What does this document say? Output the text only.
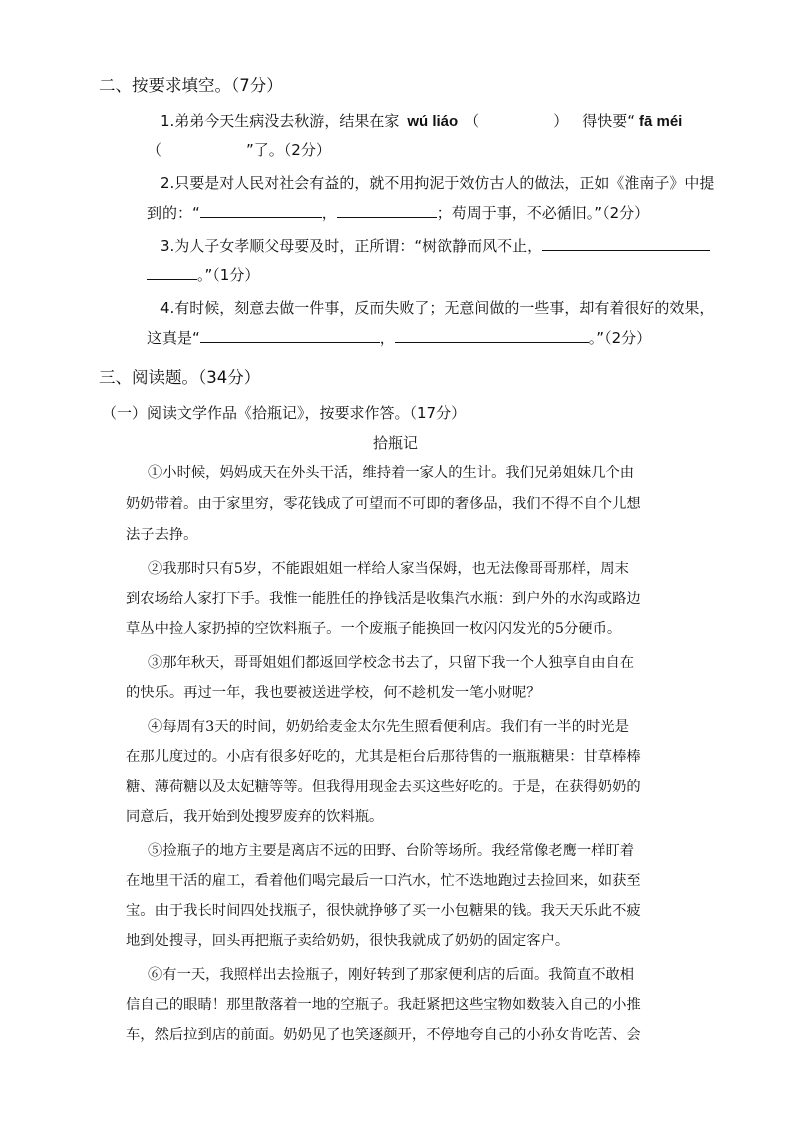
二、按要求填空。（7分）
1.弟弟今天生病没去秋游，结果在家 wú liáo （	） 得快要“ fā méi
（	”了。（2分）
2.只要是对人民对社会有益的，就不用拘泥于效仿古人的做法，正如《淮南子》中提
到的：“	，	；苟周于事，不必循旧。”（2分）
3.为人子女孝顺父母要及时，正所谓：“树欲静而风不止，
。”（1分）
4.有时候，刻意去做一件事，反而失败了；无意间做的一些事，却有着很好的效果，
这真是“	，	。”（2分）
三、阅读题。（34分）
（一）阅读文学作品《拾瓶记》，按要求作答。（17分）
拾瓶记
①小时候，妈妈成天在外头干活，维持着一家人的生计。我们兄弟姐妹几个由
奶奶带着。由于家里穷，零花钱成了可望而不可即的奢侈品，我们不得不自个儿想
法子去挣。
②我那时只有5岁，不能跟姐姐一样给人家当保姆，也无法像哥哥那样，周末
到农场给人家打下手。我惟一能胜任的挣钱活是收集汽水瓶：到户外的水沟或路边
草丛中捡人家扔掉的空饮料瓶子。一个废瓶子能换回一枚闪闪发光的5分硬币。
③那年秋天，哥哥姐姐们都返回学校念书去了，只留下我一个人独享自由自在
的快乐。再过一年，我也要被送进学校，何不趁机发一笔小财呢？
④每周有3天的时间，奶奶给麦金太尔先生照看便利店。我们有一半的时光是
在那儿度过的。小店有很多好吃的，尤其是柜台后那待售的一瓶瓶糖果：甘草棒棒
糖、薄荷糖以及太妃糖等等。但我得用现金去买这些好吃的。于是，在获得奶奶的
同意后，我开始到处搜罗废弃的饮料瓶。
⑤捡瓶子的地方主要是离店不远的田野、台阶等场所。我经常像老鹰一样盯着
在地里干活的雇工，看着他们喝完最后一口汽水，忙不迭地跑过去捡回来，如获至
宝。由于我长时间四处找瓶子，很快就挣够了买一小包糖果的钱。我天天乐此不疲
地到处搜寻，回头再把瓶子卖给奶奶，很快我就成了奶奶的固定客户。
⑥有一天，我照样出去捡瓶子，刚好转到了那家便利店的后面。我简直不敢相
信自己的眼睛！那里散落着一地的空瓶子。我赶紧把这些宝物如数装入自己的小推
车，然后拉到店的前面。奶奶见了也笑逐颜开，不停地夸自己的小孙女肯吃苦、会
